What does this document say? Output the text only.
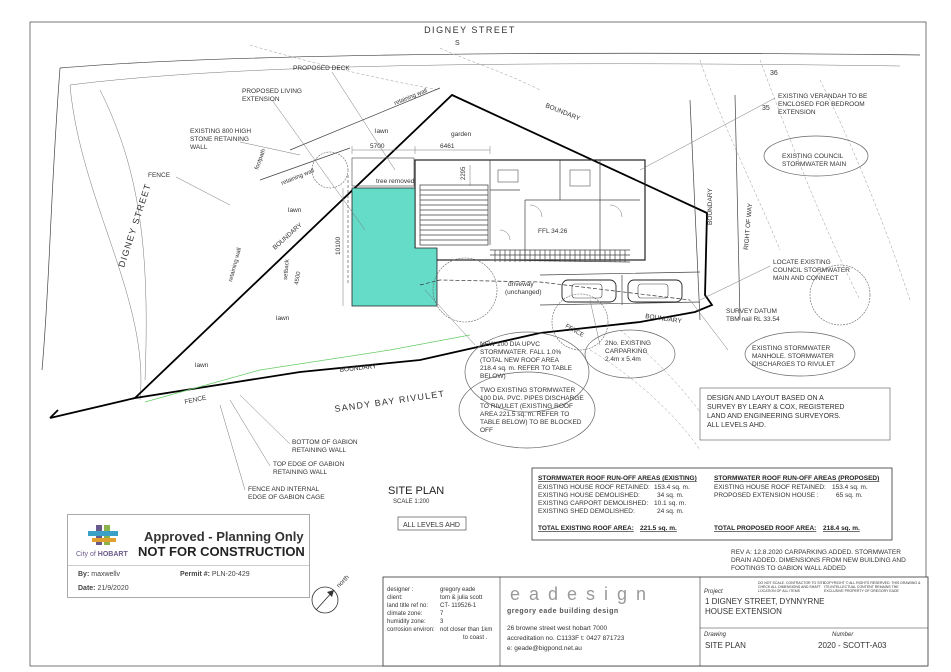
DIGNEY STREET
36
35
S
PROPOSED DECK
PROPOSED LIVING EXTENSION
EXISTING 800 HIGH STONE RETAINING WALL
FENCE
retaining wall
retaining wall
retaining wall
footpath
lawn
lawn
lawn
lawn
garden
tree removed
BOUNDARY
BOUNDARY
BOUNDARY
BOUNDARY
BOUNDARY
setback
5700	6461
2295
10100
4500
FFL 34.26
driveway (unchanged)
FENCE
FENCE
RIGHT OF WAY
EXISTING VERANDAH TO BE ENCLOSED FOR BEDROOM EXTENSION
EXISTING COUNCIL STORMWATER MAIN
LOCATE EXISTING COUNCIL STORMWATER MAIN AND CONNECT
SURVEY DATUM TBM nail RL 33.54
EXISTING STORMWATER MANHOLE. STORMWATER DISCHARGES TO RIVULET
2No. EXISTING CARPARKING 2.4m x 5.4m
NEW 100 DIA UPVC STORMWATER. FALL 1.0% (TOTAL NEW ROOF AREA 218.4 sq. m. REFER TO TABLE BELOW)
TWO EXISTING STORMWATER 100 DIA. PVC. PIPES DISCHARGE TO RIVULET (EXISTING ROOF AREA 221.5 sq. m. REFER TO TABLE BELOW) TO BE BLOCKED OFF
BOTTOM OF GABION RETAINING WALL
TOP EDGE OF GABION RETAINING WALL
FENCE AND INTERNAL EDGE OF GABION CAGE
DIGNEY STREET
SANDY BAY RIVULET	DESIGN AND LAYOUT BASED ON A SURVEY BY LEARY & COX, REGISTERED LAND AND ENGINEERING SURVEYORS. ALL LEVELS AHD.
SITE PLAN
SCALE 1:200
ALL LEVELS AHD
STORMWATER ROOF RUN-OFF AREAS (EXISTING)
EXISTING HOUSE ROOF RETAINED: 153.4 sq. m.
EXISTING HOUSE DEMOLISHED:	34 sq. m.
EXISTING CARPORT DEMOLISHED: 10.1 sq. m.
EXISTING SHED DEMOLISHED:	24 sq. m.
TOTAL EXISTING ROOF AREA: 221.5 sq. m.
STORMWATER ROOF RUN-OFF AREAS (PROPOSED)
EXISTING HOUSE ROOF RETAINED: 153.4 sq. m.
PROPOSED EXTENSION HOUSE :	65 sq. m.
TOTAL PROPOSED ROOF AREA: 218.4 sq. m.
REV A: 12.8.2020 CARPARKING ADDED. STORMWATER DRAIN ADDED. DIMENSIONS FROM NEW BUILDING AND FOOTINGS TO GABION WALL ADDED
north
designer :	gregory eade
client:	tom & julia scott
land title ref no: CT- 119526-1
climate zone:	7
humidity zone: 3
corrosion environ: not closer than 1km to coast .
eadesign
gregory eade building design
26 browne street west hobart 7000
accreditation no. C1133F t: 0427 871723
e: geade@bigpond.net.au
Project
1 DIGNEY STREET, DYNNYRNE HOUSE EXTENSION
Drawing
SITE PLAN
Number
2020 - SCOTT-A03
DO NOT SCALE. CONTRACTOR TO SITE CHECK ALL DIMENSIONS AND SHAFT LOCATION OF ALL ITEMS
COPYRIGHT © ALL RIGHTS RESERVED. THIS DRAWING & ITS INTELLECTUAL CONTENT REMAINS THE EXCLUSIVE PROPERTY OF GREGORY EADE
City of HOBART
Approved - Planning Only
NOT FOR CONSTRUCTION
By: maxwellv	Permit #: PLN-20-429
Date: 21/9/2020
